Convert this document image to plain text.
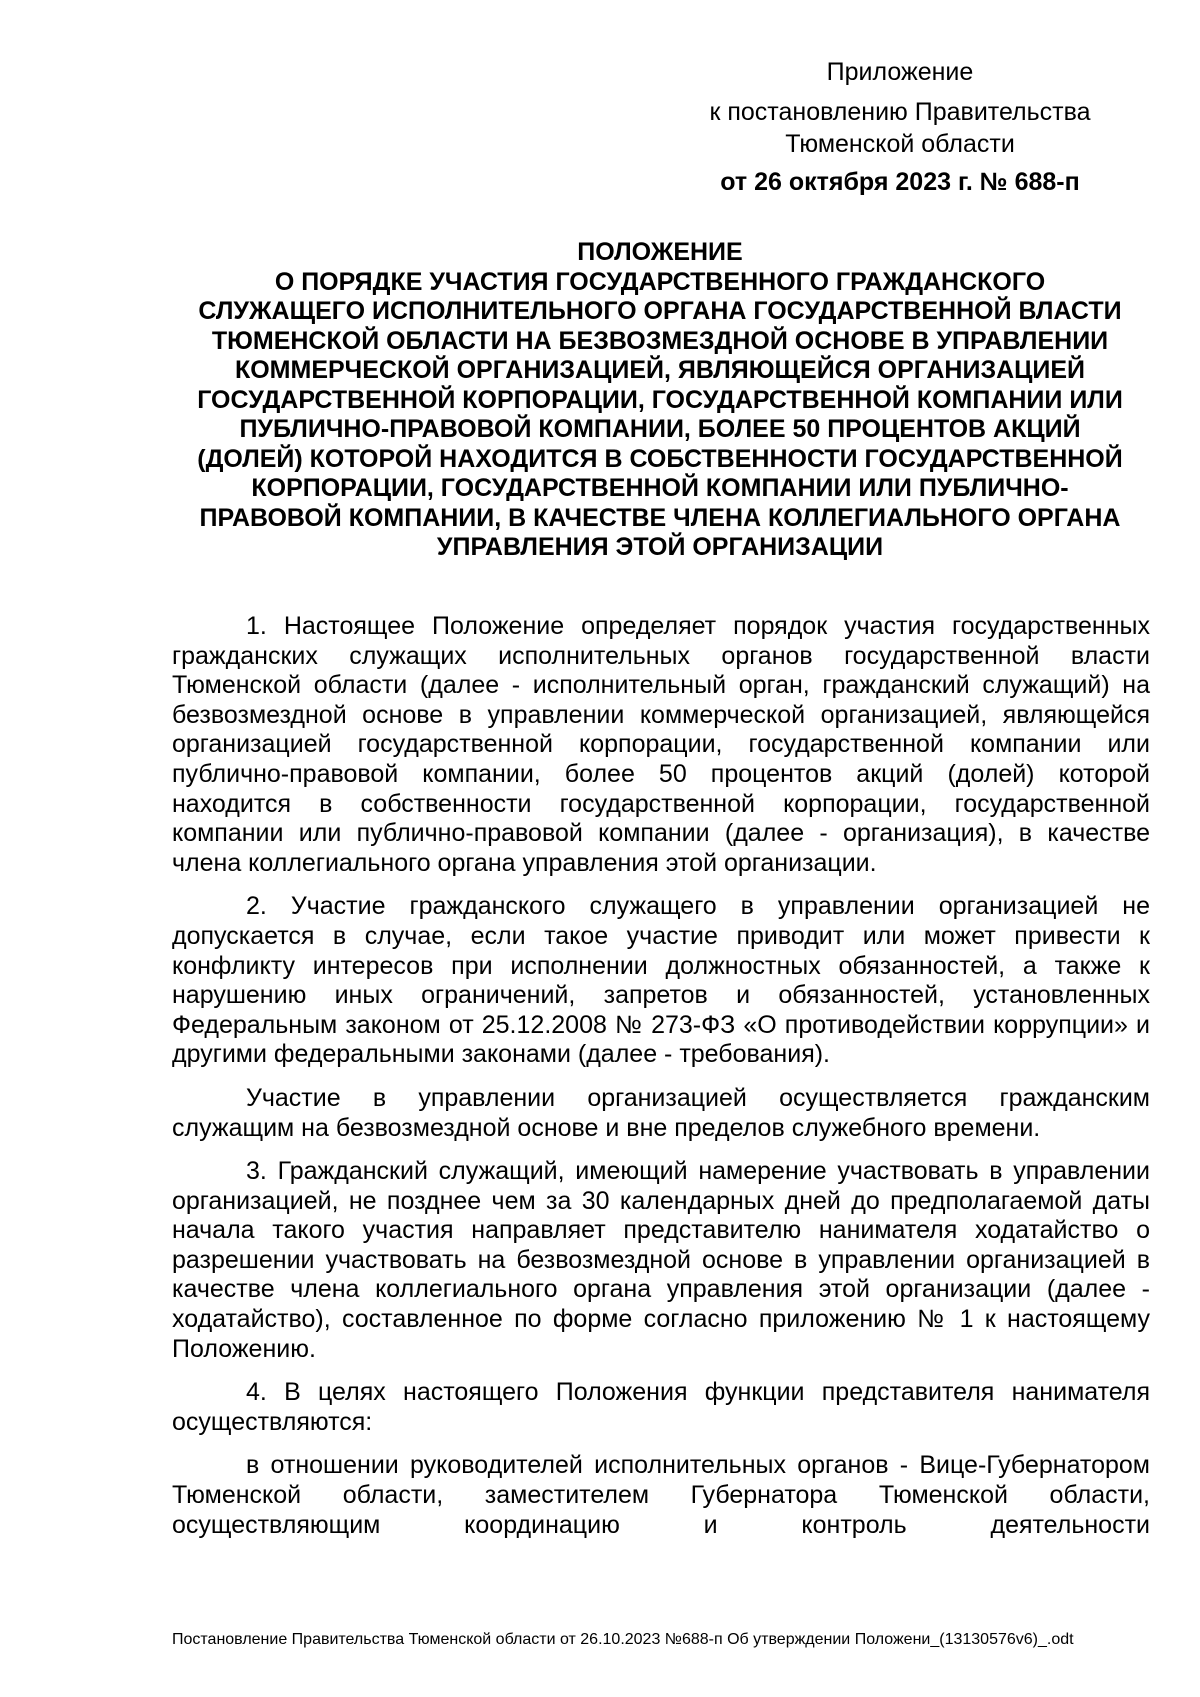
Приложение
к постановлению Правительства
Тюменской области
от 26 октября 2023 г. № 688-п
ПОЛОЖЕНИЕ
О ПОРЯДКЕ УЧАСТИЯ ГОСУДАРСТВЕННОГО ГРАЖДАНСКОГО
СЛУЖАЩЕГО ИСПОЛНИТЕЛЬНОГО ОРГАНА ГОСУДАРСТВЕННОЙ ВЛАСТИ
ТЮМЕНСКОЙ ОБЛАСТИ НА БЕЗВОЗМЕЗДНОЙ ОСНОВЕ В УПРАВЛЕНИИ
КОММЕРЧЕСКОЙ ОРГАНИЗАЦИЕЙ, ЯВЛЯЮЩЕЙСЯ ОРГАНИЗАЦИЕЙ
ГОСУДАРСТВЕННОЙ КОРПОРАЦИИ, ГОСУДАРСТВЕННОЙ КОМПАНИИ ИЛИ
ПУБЛИЧНО-ПРАВОВОЙ КОМПАНИИ, БОЛЕЕ 50 ПРОЦЕНТОВ АКЦИЙ
(ДОЛЕЙ) КОТОРОЙ НАХОДИТСЯ В СОБСТВЕННОСТИ ГОСУДАРСТВЕННОЙ
КОРПОРАЦИИ, ГОСУДАРСТВЕННОЙ КОМПАНИИ ИЛИ ПУБЛИЧНО-
ПРАВОВОЙ КОМПАНИИ, В КАЧЕСТВЕ ЧЛЕНА КОЛЛЕГИАЛЬНОГО ОРГАНА
УПРАВЛЕНИЯ ЭТОЙ ОРГАНИЗАЦИИ

1. Настоящее Положение определяет порядок участия государственных гражданских служащих исполнительных органов государственной власти Тюменской области (далее - исполнительный орган, гражданский служащий) на безвозмездной основе в управлении коммерческой организацией, являющейся организацией государственной корпорации, государственной компании или публично-правовой компании, более 50 процентов акций (долей) которой находится в собственности государственной корпорации, государственной компании или публично-правовой компании (далее - организация), в качестве члена коллегиального органа управления этой организации.

2. Участие гражданского служащего в управлении организацией не допускается в случае, если такое участие приводит или может привести к конфликту интересов при исполнении должностных обязанностей, а также к нарушению иных ограничений, запретов и обязанностей, установленных Федеральным законом от 25.12.2008 № 273-ФЗ «О противодействии коррупции» и другими федеральными законами (далее - требования).

Участие в управлении организацией осуществляется гражданским служащим на безвозмездной основе и вне пределов служебного времени.

3. Гражданский служащий, имеющий намерение участвовать в управлении организацией, не позднее чем за 30 календарных дней до предполагаемой даты начала такого участия направляет представителю нанимателя ходатайство о разрешении участвовать на безвозмездной основе в управлении организацией в качестве члена коллегиального органа управления этой организации (далее - ходатайство), составленное по форме согласно приложению № 1 к настоящему Положению.

4. В целях настоящего Положения функции представителя нанимателя осуществляются:

в отношении руководителей исполнительных органов - Вице-Губернатором Тюменской области, заместителем Губернатора Тюменской области, осуществляющим координацию и контроль деятельности

Постановление Правительства Тюменской области от 26.10.2023 №688-п Об утверждении Положени_(13130576v6)_.odt
